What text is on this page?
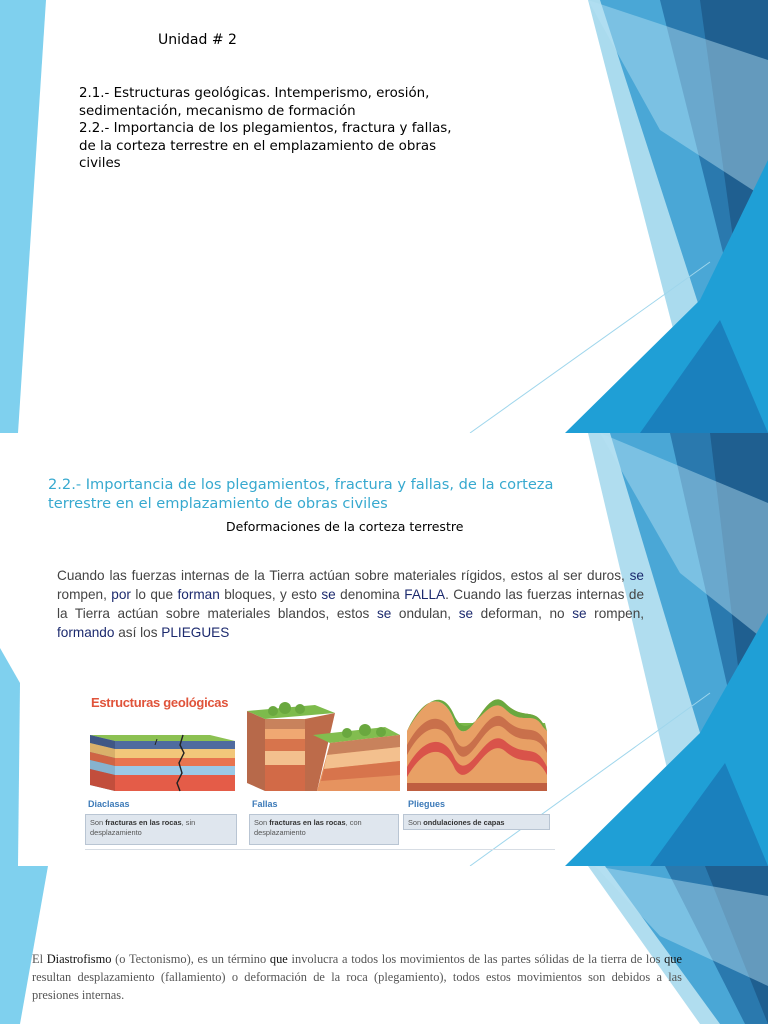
Unidad # 2
2.1.- Estructuras geológicas. Intemperismo, erosión,
sedimentación, mecanismo de formación
2.2.- Importancia de los plegamientos, fractura y fallas,
de la corteza terrestre en el emplazamiento de obras
civiles
2.2.- Importancia de los plegamientos, fractura y fallas, de la corteza
terrestre en el emplazamiento de obras civiles
Deformaciones de la corteza terrestre
Cuando las fuerzas internas de la Tierra actúan sobre materiales rígidos, estos al ser duros, se rompen, por lo que forman bloques, y esto se denomina FALLA. Cuando las fuerzas internas de la Tierra actúan sobre materiales blandos, estos se ondulan, se deforman, no se rompen, formando así los PLIEGUES
Estructuras geológicas
Diaclasas
Son fracturas en las rocas, sin desplazamiento
Fallas
Son fracturas en las rocas, con desplazamiento
Pliegues
Son ondulaciones de capas
El Diastrofismo (o Tectonismo), es un término que involucra a todos los movimientos de las partes sólidas de la tierra de los que resultan desplazamiento (fallamiento) o deformación de la roca (plegamiento), todos estos movimientos son debidos a las presiones internas.
